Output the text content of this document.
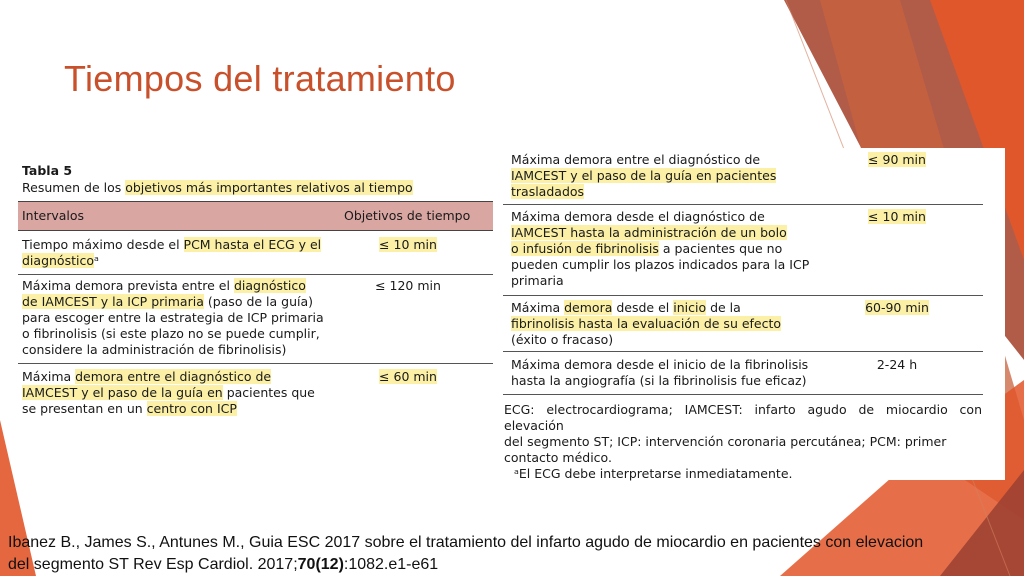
Tiempos del tratamiento
Tabla 5
Resumen de los objetivos más importantes relativos al tiempo
Intervalos	Objetivos de tiempo
Tiempo máximo desde el PCM hasta el ECG y el
diagnósticoᵃ
≤ 10 min
Máxima demora prevista entre el diagnóstico
de IAMCEST y la ICP primaria (paso de la guía)
para escoger entre la estrategia de ICP primaria
o fibrinolisis (si este plazo no se puede cumplir,
considere la administración de fibrinolisis)
≤ 120 min
Máxima demora entre el diagnóstico de
IAMCEST y el paso de la guía en pacientes que
se presentan en un centro con ICP
≤ 60 min
Máxima demora entre el diagnóstico de
IAMCEST y el paso de la guía en pacientes
trasladados
≤ 90 min
Máxima demora desde el diagnóstico de
IAMCEST hasta la administración de un bolo
o infusión de fibrinolisis a pacientes que no
pueden cumplir los plazos indicados para la ICP
primaria
≤ 10 min
Máxima demora desde el inicio de la
fibrinolisis hasta la evaluación de su efecto
(éxito o fracaso)
60-90 min
Máxima demora desde el inicio de la fibrinolisis
hasta la angiografía (si la fibrinolisis fue eficaz)
2-24 h
ECG: electrocardiograma; IAMCEST: infarto agudo de miocardio con elevación
del segmento ST; ICP: intervención coronaria percutánea; PCM: primer
contacto médico.
ᵃEl ECG debe interpretarse inmediatamente.
Ibanez B., James S., Antunes M., Guia ESC 2017 sobre el tratamiento del infarto agudo de miocardio en pacientes con elevacion
del segmento ST Rev Esp Cardiol. 2017;70(12):1082.e1-e61
